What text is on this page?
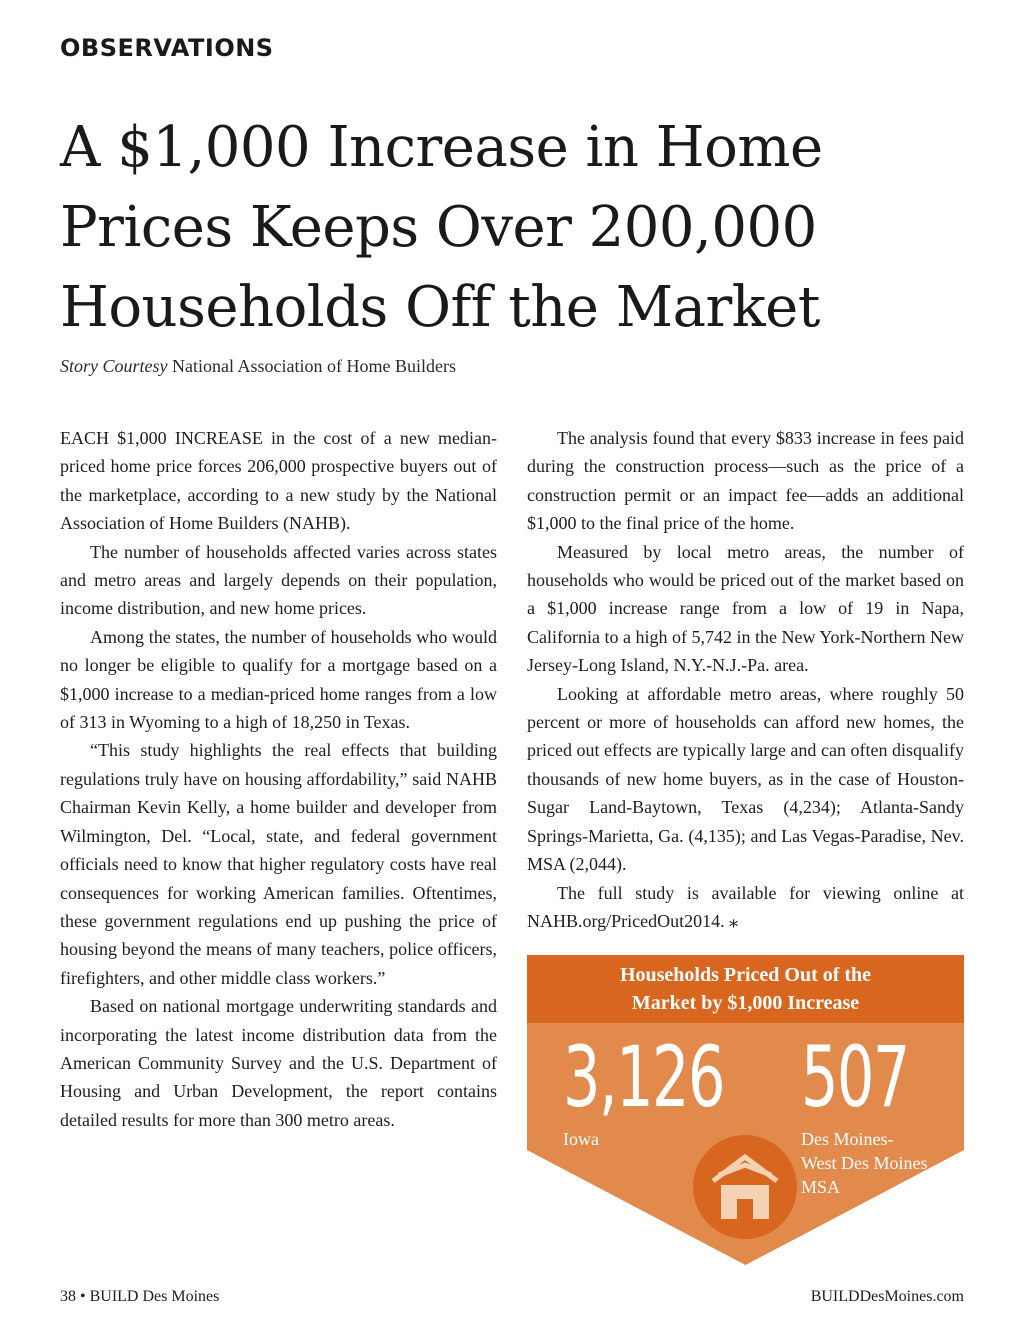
OBSERVATIONS
A $1,000 Increase in Home
Prices Keeps Over 200,000
Households Off the Market
Story Courtesy National Association of Home Builders

EACH $1,000 INCREASE in the cost of a new median-priced home price forces 206,000 prospective buyers out of the marketplace, according to a new study by the National Association of Home Builders (NAHB).

The number of households affected varies across states and metro areas and largely depends on their population, income distribution, and new home prices.

Among the states, the number of households who would no longer be eligible to qualify for a mortgage based on a $1,000 increase to a median-priced home ranges from a low of 313 in Wyoming to a high of 18,250 in Texas.

“This study highlights the real effects that building regulations truly have on housing affordability,” said NAHB Chairman Kevin Kelly, a home builder and developer from Wilmington, Del. “Local, state, and federal government officials need to know that higher regulatory costs have real consequences for working American families. Oftentimes, these government regulations end up pushing the price of housing beyond the means of many teachers, police officers, firefighters, and other middle class workers.”

Based on national mortgage underwriting standards and incorporating the latest income distribution data from the American Community Survey and the U.S. Department of Housing and Urban Development, the report contains detailed results for more than 300 metro areas.

The analysis found that every $833 increase in fees paid during the construction process—such as the price of a construction permit or an impact fee—adds an additional $1,000 to the final price of the home.

Measured by local metro areas, the number of households who would be priced out of the market based on a $1,000 increase range from a low of 19 in Napa, California to a high of 5,742 in the New York-Northern New Jersey-Long Island, N.Y.-N.J.-Pa. area.

Looking at affordable metro areas, where roughly 50 percent or more of households can afford new homes, the priced out effects are typically large and can often disqualify thousands of new home buyers, as in the case of Houston-Sugar Land-Baytown, Texas (4,234); Atlanta-Sandy Springs-Marietta, Ga. (4,135); and Las Vegas-Paradise, Nev. MSA (2,044).

The full study is available for viewing online at NAHB.org/PricedOut2014. ⁎

Households Priced Out of the
Market by $1,000 Increase
3,126
Iowa
507
Des Moines-
West Des Moines
MSA
38 • BUILD Des Moines	BUILDDesMoines.com
